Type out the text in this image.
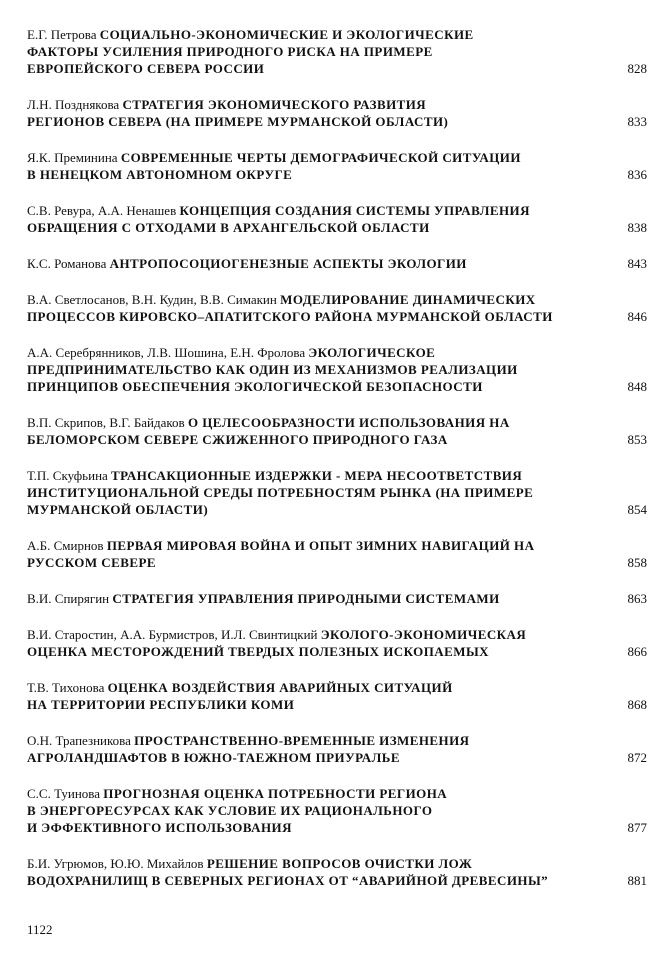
Е.Г. Петрова СОЦИАЛЬНО-ЭКОНОМИЧЕСКИЕ И ЭКОЛОГИЧЕСКИЕ
ФАКТОРЫ УСИЛЕНИЯ ПРИРОДНОГО РИСКА НА ПРИМЕРЕ
ЕВРОПЕЙСКОГО СЕВЕРА РОССИИ	828
Л.Н. Позднякова СТРАТЕГИЯ ЭКОНОМИЧЕСКОГО РАЗВИТИЯ
РЕГИОНОВ СЕВЕРА (НА ПРИМЕРЕ МУРМАНСКОЙ ОБЛАСТИ)	833
Я.К. Преминина СОВРЕМЕННЫЕ ЧЕРТЫ ДЕМОГРАФИЧЕСКОЙ СИТУАЦИИ
В НЕНЕЦКОМ АВТОНОМНОМ ОКРУГЕ	836
С.В. Ревура, А.А. Ненашев КОНЦЕПЦИЯ СОЗДАНИЯ СИСТЕМЫ УПРАВЛЕНИЯ
ОБРАЩЕНИЯ С ОТХОДАМИ В АРХАНГЕЛЬСКОЙ ОБЛАСТИ	838
К.С. Романова АНТРОПОСОЦИОГЕНЕЗНЫЕ АСПЕКТЫ ЭКОЛОГИИ	843
В.А. Светлосанов, В.Н. Кудин, В.В. Симакин МОДЕЛИРОВАНИЕ ДИНАМИЧЕСКИХ
ПРОЦЕССОВ КИРОВСКО–АПАТИТСКОГО РАЙОНА МУРМАНСКОЙ ОБЛАСТИ	846
А.А. Серебрянников, Л.В. Шошина, Е.Н. Фролова ЭКОЛОГИЧЕСКОЕ
ПРЕДПРИНИМАТЕЛЬСТВО КАК ОДИН ИЗ МЕХАНИЗМОВ РЕАЛИЗАЦИИ
ПРИНЦИПОВ ОБЕСПЕЧЕНИЯ ЭКОЛОГИЧЕСКОЙ БЕЗОПАСНОСТИ	848
В.П. Скрипов, В.Г. Байдаков О ЦЕЛЕСООБРАЗНОСТИ ИСПОЛЬЗОВАНИЯ НА
БЕЛОМОРСКОМ СЕВЕРЕ СЖИЖЕННОГО ПРИРОДНОГО ГАЗА	853
Т.П. Скуфьина ТРАНСАКЦИОННЫЕ ИЗДЕРЖКИ - МЕРА НЕСООТВЕТСТВИЯ
ИНСТИТУЦИОНАЛЬНОЙ СРЕДЫ ПОТРЕБНОСТЯМ РЫНКА (НА ПРИМЕРЕ
МУРМАНСКОЙ ОБЛАСТИ)	854
А.Б. Смирнов ПЕРВАЯ МИРОВАЯ ВОЙНА И ОПЫТ ЗИМНИХ НАВИГАЦИЙ НА
РУССКОМ СЕВЕРЕ	858
В.И. Спирягин СТРАТЕГИЯ УПРАВЛЕНИЯ ПРИРОДНЫМИ СИСТЕМАМИ	863
В.И. Старостин, А.А. Бурмистров, И.Л. Свинтицкий ЭКОЛОГО-ЭКОНОМИЧЕСКАЯ
ОЦЕНКА МЕСТОРОЖДЕНИЙ ТВЕРДЫХ ПОЛЕЗНЫХ ИСКОПАЕМЫХ	866
Т.В. Тихонова ОЦЕНКА ВОЗДЕЙСТВИЯ АВАРИЙНЫХ СИТУАЦИЙ
НА ТЕРРИТОРИИ РЕСПУБЛИКИ КОМИ	868
О.Н. Трапезникова ПРОСТРАНСТВЕННО-ВРЕМЕННЫЕ ИЗМЕНЕНИЯ
АГРОЛАНДШАФТОВ В ЮЖНО-ТАЕЖНОМ ПРИУРАЛЬЕ	872
С.С. Туинова ПРОГНОЗНАЯ ОЦЕНКА ПОТРЕБНОСТИ РЕГИОНА
В ЭНЕРГОРЕСУРСАХ КАК УСЛОВИЕ ИХ РАЦИОНАЛЬНОГО
И ЭФФЕКТИВНОГО ИСПОЛЬЗОВАНИЯ	877
Б.И. Угрюмов, Ю.Ю. Михайлов РЕШЕНИЕ ВОПРОСОВ ОЧИСТКИ ЛОЖ
ВОДОХРАНИЛИЩ В СЕВЕРНЫХ РЕГИОНАХ ОТ “АВАРИЙНОЙ ДРЕВЕСИНЫ”	881
1122
